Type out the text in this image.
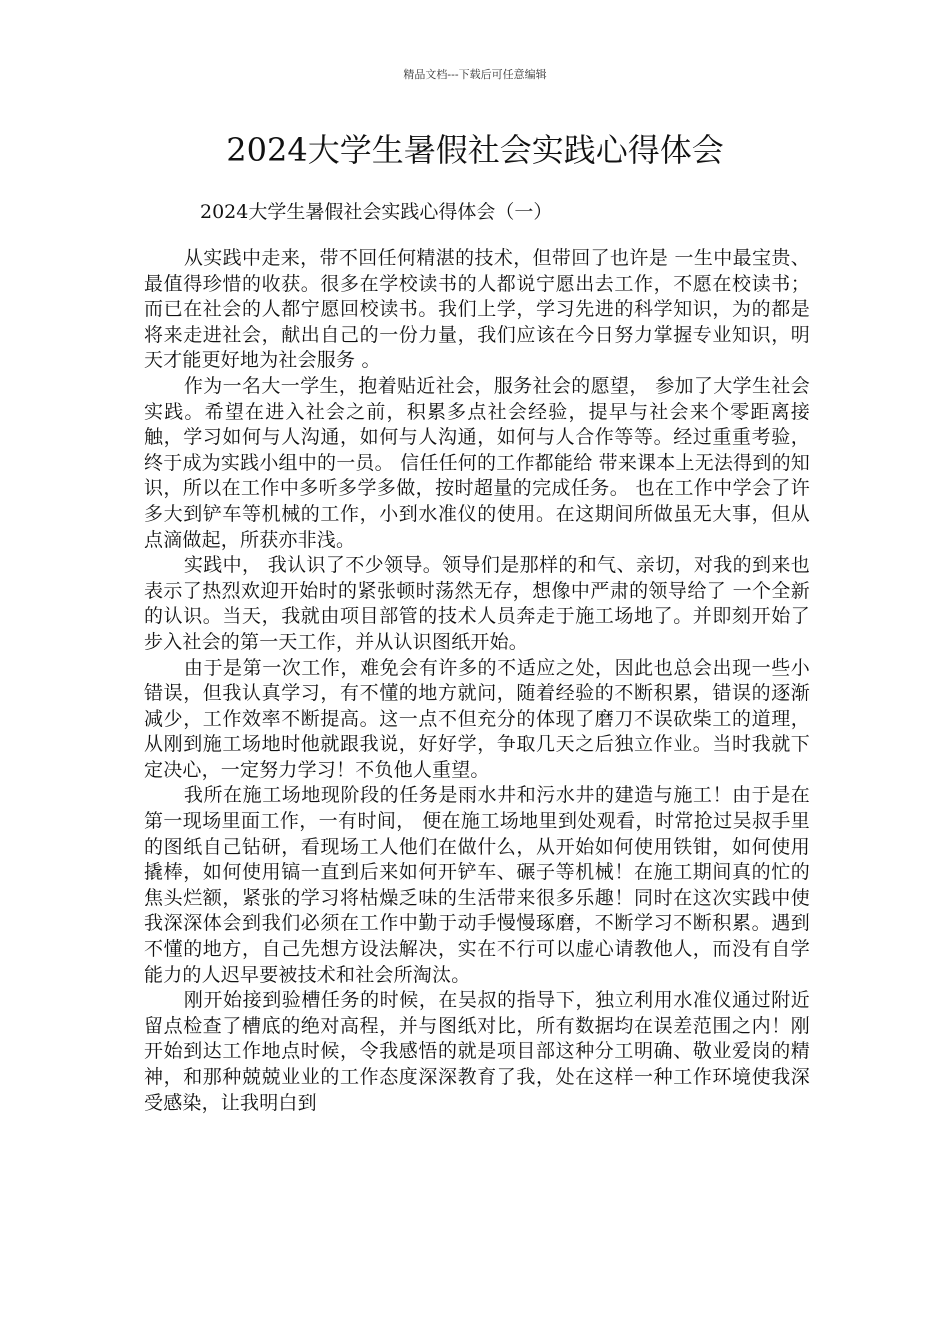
精品文档---下载后可任意编辑
2024大学生暑假社会实践心得体会

2024大学生暑假社会实践心得体会（一）

从实践中走来，带不回任何精湛的技术，但带回了也许是 一生中最宝贵、最值得珍惜的收获。很多在学校读书的人都说宁愿出去工作，不愿在校读书；而已在社会的人都宁愿回校读书。我们上学，学习先进的科学知识，为的都是将来走进社会，献出自己的一份力量，我们应该在今日努力掌握专业知识，明天才能更好地为社会服务 。

作为一名大一学生，抱着贴近社会，服务社会的愿望， 参加了大学生社会实践。希望在进入社会之前，积累多点社会经验，提早与社会来个零距离接触，学习如何与人沟通，如何与人沟通，如何与人合作等等。经过重重考验，终于成为实践小组中的一员。 信任任何的工作都能给 带来课本上无法得到的知识，所以在工作中多听多学多做，按时超量的完成任务。 也在工作中学会了许多大到铲车等机械的工作，小到水准仪的使用。在这期间所做虽无大事，但从点滴做起，所获亦非浅。

实践中， 我认识了不少领导。领导们是那样的和气、亲切，对我的到来也表示了热烈欢迎开始时的紧张顿时荡然无存，想像中严肃的领导给了 一个全新的认识。当天，我就由项目部管的技术人员奔走于施工场地了。并即刻开始了步入社会的第一天工作，并从认识图纸开始。

由于是第一次工作，难免会有许多的不适应之处，因此也总会出现一些小错误，但我认真学习，有不懂的地方就问，随着经验的不断积累，错误的逐渐减少，工作效率不断提高。这一点不但充分的体现了磨刀不误砍柴工的道理，从刚到施工场地时他就跟我说，好好学，争取几天之后独立作业。当时我就下定决心，一定努力学习！不负他人重望。

我所在施工场地现阶段的任务是雨水井和污水井的建造与施工！由于是在第一现场里面工作，一有时间， 便在施工场地里到处观看，时常抢过吴叔手里的图纸自己钻研，看现场工人他们在做什么，从开始如何使用铁钳，如何使用撬棒，如何使用镐一直到后来如何开铲车、碾子等机械！在施工期间真的忙的焦头烂额，紧张的学习将枯燥乏味的生活带来很多乐趣！同时在这次实践中使我深深体会到我们必须在工作中勤于动手慢慢琢磨，不断学习不断积累。遇到不懂的地方，自己先想方设法解决，实在不行可以虚心请教他人，而没有自学能力的人迟早要被技术和社会所淘汰。

刚开始接到验槽任务的时候，在吴叔的指导下，独立利用水准仪通过附近留点检查了槽底的绝对高程，并与图纸对比，所有数据均在误差范围之内！刚开始到达工作地点时候，令我感悟的就是项目部这种分工明确、敬业爱岗的精神，和那种兢兢业业的工作态度深深教育了我，处在这样一种工作环境使我深受感染，让我明白到
